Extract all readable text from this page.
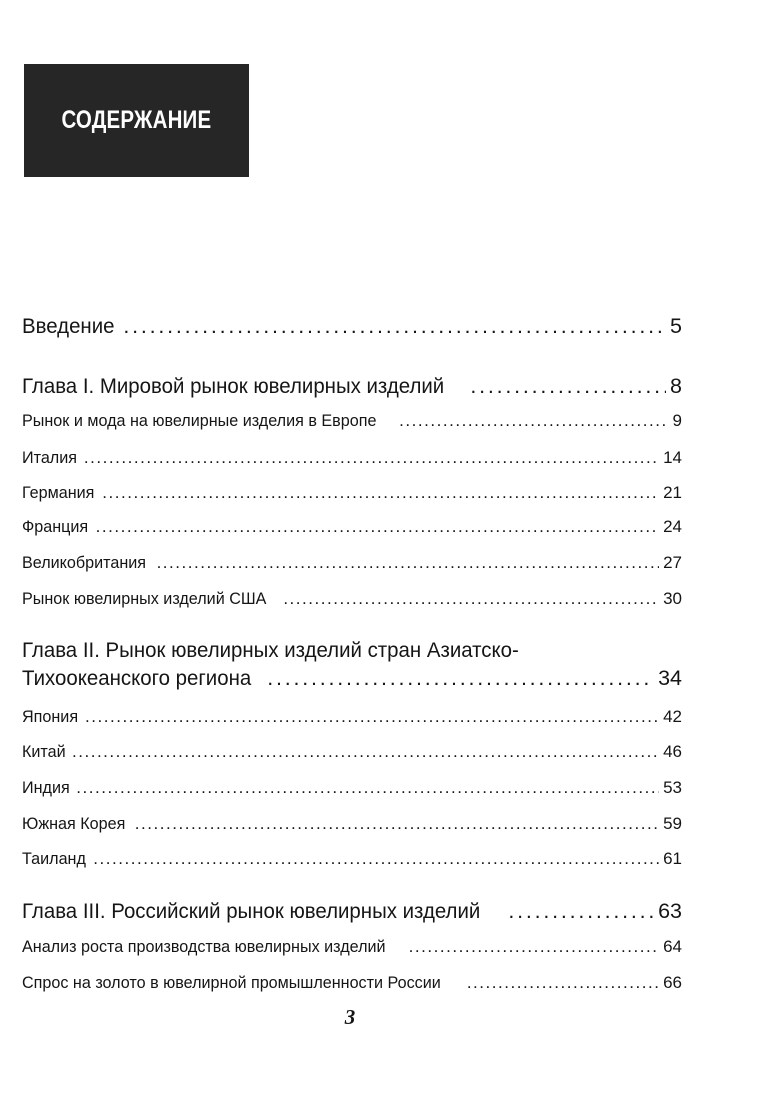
СОДЕРЖАНИЕ
Введение . . .	5
Глава I. Мировой рынок ювелирных изделий . . .	8
Рынок и мода на ювелирные изделия в Европе . . .	9
Италия . . .	14
Германия . . .	21
Франция . . .	24
Великобритания . . .	27
Рынок ювелирных изделий США . . .	30
Глава II. Рынок ювелирных изделий стран Азиатско-
Тихоокеанского региона . . .	34
Япония . . .	42
Китай . . .	46
Индия . . .	53
Южная Корея . . .	59
Таиланд . . .	61
Глава III. Российский рынок ювелирных изделий . . .	63
Анализ роста производства ювелирных изделий . . .	64
Спрос на золото в ювелирной промышленности России . . .	66
3
